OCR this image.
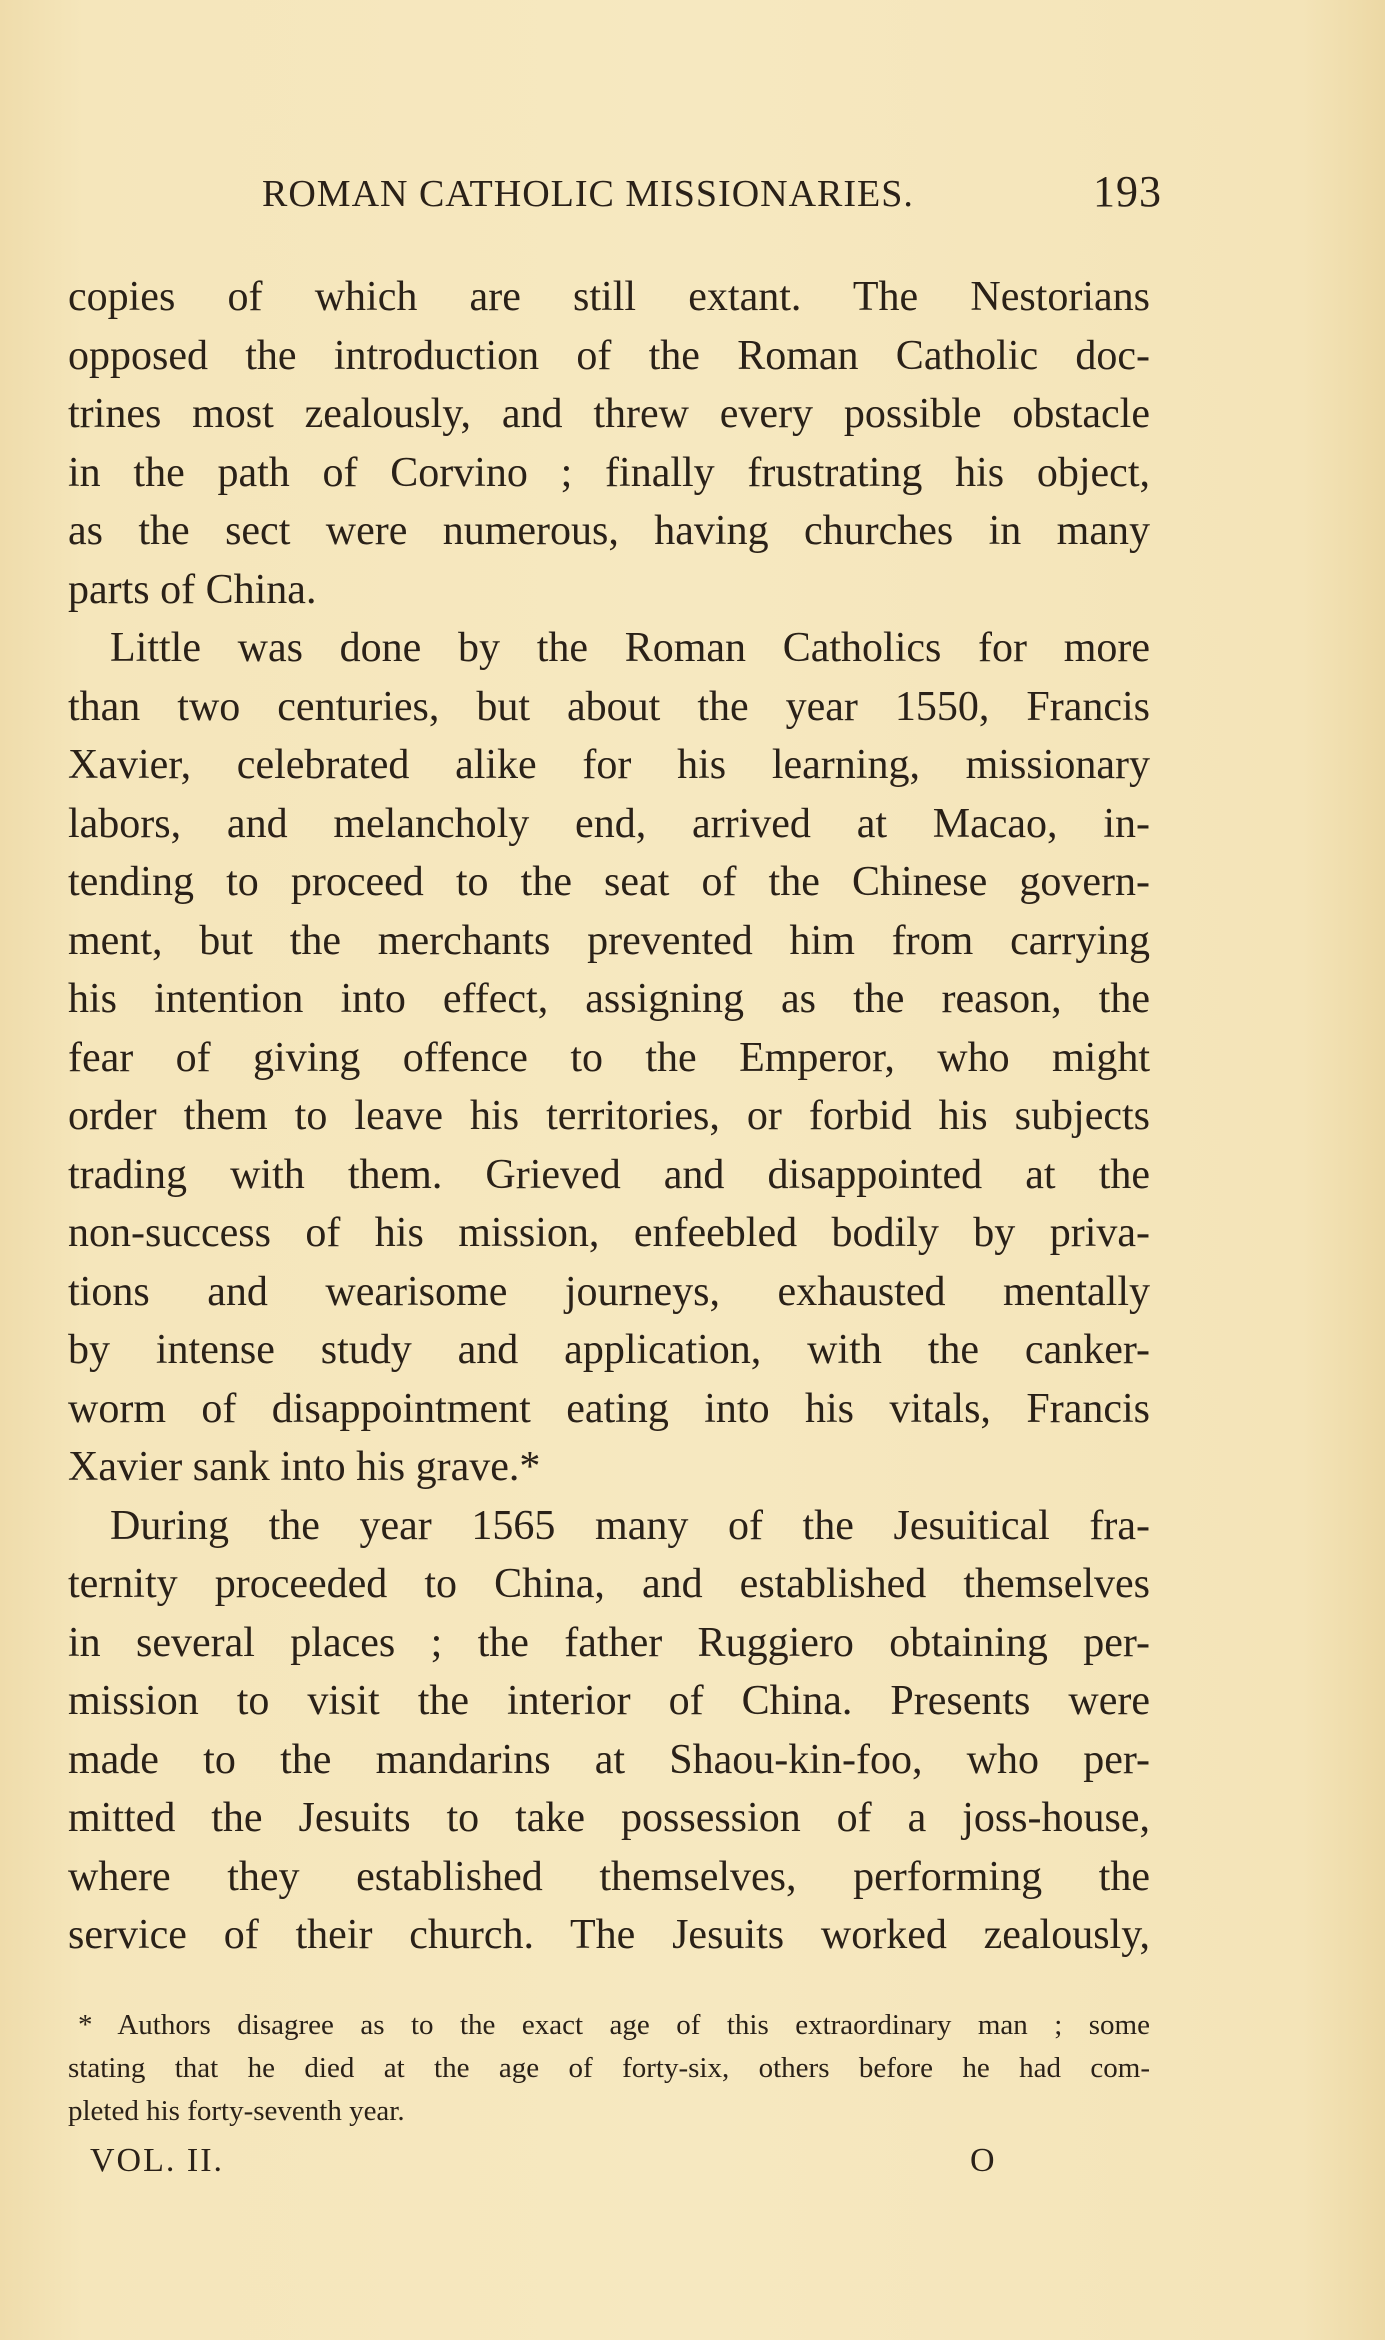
ROMAN CATHOLIC MISSIONARIES.	193
copies of which are still extant. The Nestorians
opposed the introduction of the Roman Catholic doc-
trines most zealously, and threw every possible obstacle
in the path of Corvino ; finally frustrating his object,
as the sect were numerous, having churches in many
parts of China.
Little was done by the Roman Catholics for more
than two centuries, but about the year 1550, Francis
Xavier, celebrated alike for his learning, missionary
labors, and melancholy end, arrived at Macao, in-
tending to proceed to the seat of the Chinese govern-
ment, but the merchants prevented him from carrying
his intention into effect, assigning as the reason, the
fear of giving offence to the Emperor, who might
order them to leave his territories, or forbid his subjects
trading with them. Grieved and disappointed at the
non-success of his mission, enfeebled bodily by priva-
tions and wearisome journeys, exhausted mentally
by intense study and application, with the canker-
worm of disappointment eating into his vitals, Francis
Xavier sank into his grave.*
During the year 1565 many of the Jesuitical fra-
ternity proceeded to China, and established themselves
in several places ; the father Ruggiero obtaining per-
mission to visit the interior of China. Presents were
made to the mandarins at Shaou-kin-foo, who per-
mitted the Jesuits to take possession of a joss-house,
where they established themselves, performing the
service of their church. The Jesuits worked zealously,
* Authors disagree as to the exact age of this extraordinary man ; some
stating that he died at the age of forty-six, others before he had com-
pleted his forty-seventh year.
VOL. II.	O
